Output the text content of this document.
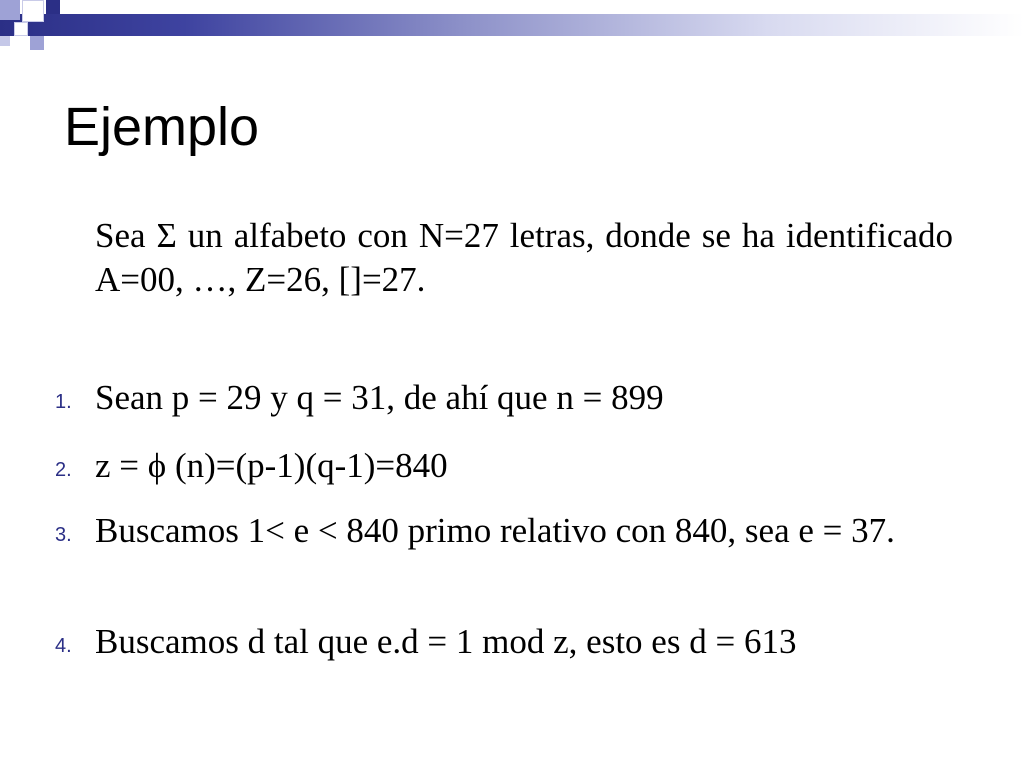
Ejemplo

Sea Σ un alfabeto con N=27 letras, donde se ha identificado A=00, …, Z=26, []=27.

1. Sean p = 29 y q = 31, de ahí que n = 899
2. z = ϕ (n)=(p-1)(q-1)=840
3. Buscamos 1< e < 840 primo relativo con 840, sea e = 37.
4. Buscamos d tal que e.d = 1 mod z, esto es d = 613
